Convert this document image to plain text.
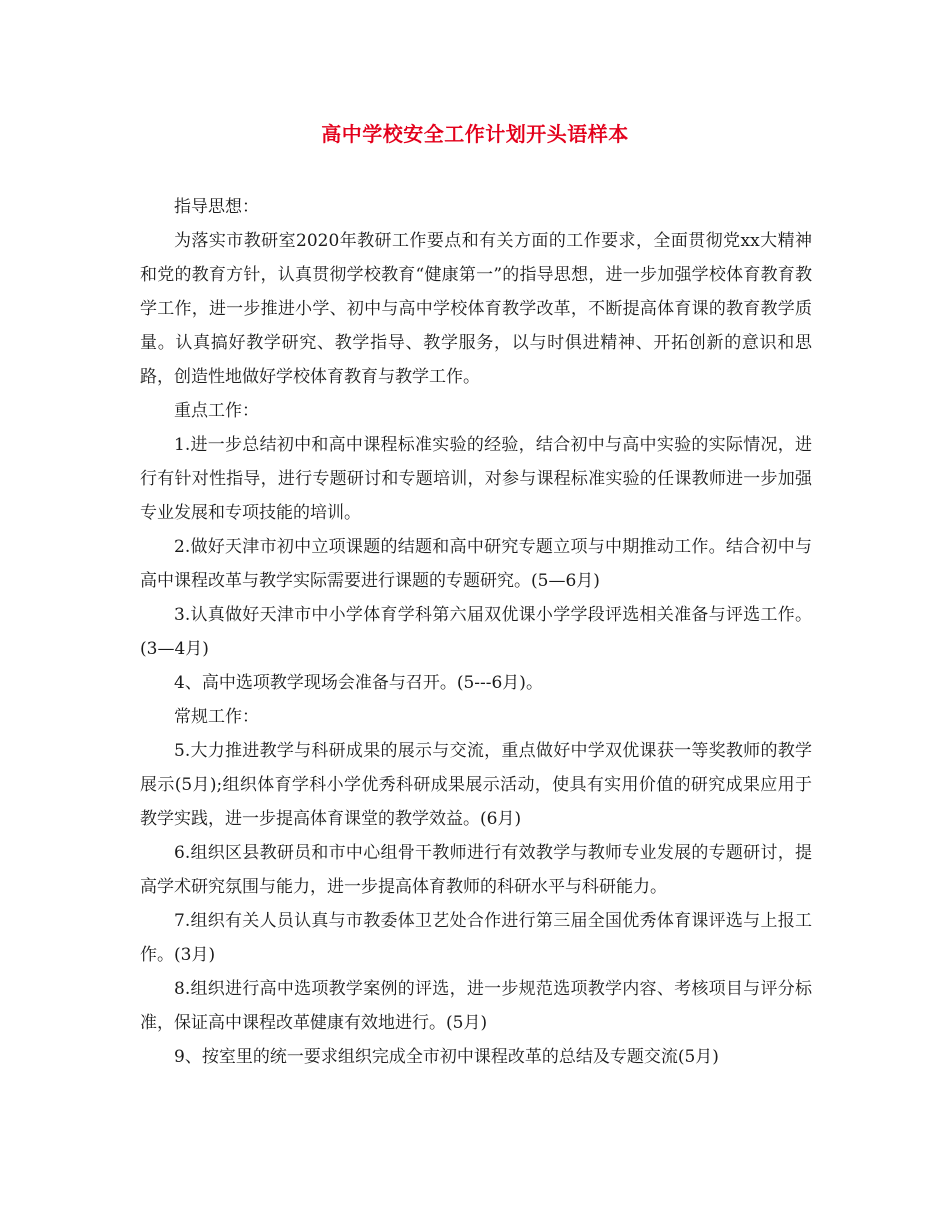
高中学校安全工作计划开头语样本

指导思想：

为落实市教研室2020年教研工作要点和有关方面的工作要求，全面贯彻党xx大精神和党的教育方针，认真贯彻学校教育“健康第一”的指导思想，进一步加强学校体育教育教学工作，进一步推进小学、初中与高中学校体育教学改革，不断提高体育课的教育教学质量。认真搞好教学研究、教学指导、教学服务，以与时俱进精神、开拓创新的意识和思路，创造性地做好学校体育教育与教学工作。

重点工作：

1.进一步总结初中和高中课程标准实验的经验，结合初中与高中实验的实际情况，进行有针对性指导，进行专题研讨和专题培训，对参与课程标准实验的任课教师进一步加强专业发展和专项技能的培训。

2.做好天津市初中立项课题的结题和高中研究专题立项与中期推动工作。结合初中与高中课程改革与教学实际需要进行课题的专题研究。(5—6月)

3.认真做好天津市中小学体育学科第六届双优课小学学段评选相关准备与评选工作。(3—4月)

4、高中选项教学现场会准备与召开。(5---6月)。

常规工作：

5.大力推进教学与科研成果的展示与交流，重点做好中学双优课获一等奖教师的教学展示(5月);组织体育学科小学优秀科研成果展示活动，使具有实用价值的研究成果应用于教学实践，进一步提高体育课堂的教学效益。(6月)

6.组织区县教研员和市中心组骨干教师进行有效教学与教师专业发展的专题研讨，提高学术研究氛围与能力，进一步提高体育教师的科研水平与科研能力。

7.组织有关人员认真与市教委体卫艺处合作进行第三届全国优秀体育课评选与上报工作。(3月)

8.组织进行高中选项教学案例的评选，进一步规范选项教学内容、考核项目与评分标准，保证高中课程改革健康有效地进行。(5月)

9、按室里的统一要求组织完成全市初中课程改革的总结及专题交流(5月)
